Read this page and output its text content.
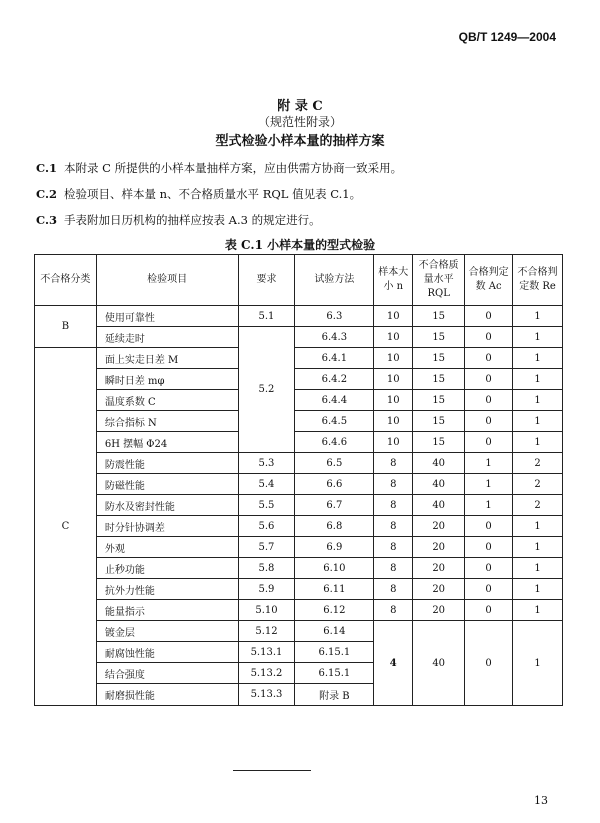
QB/T 1249—2004
附 录 C
（规范性附录）
型式检验小样本量的抽样方案
C.1 本附录 C 所提供的小样本量抽样方案，应由供需方协商一致采用。
C.2 检验项目、样本量 n、不合格质量水平 RQL 值见表 C.1。
C.3 手表附加日历机构的抽样应按表 A.3 的规定进行。
表 C.1 小样本量的型式检验
不合格分类	检验项目	要求	试验方法	样本大小 n	不合格质量水平 RQL	合格判定数 Ac	不合格判定数 Re
B	使用可靠性	5.1	6.3	10	15	0	1
	延续走时	5.2	6.4.3	10	15	0	1
C	面上实走日差 M		6.4.1	10	15	0	1
	瞬时日差 mφ		6.4.2	10	15	0	1
	温度系数 C		6.4.4	10	15	0	1
	综合指标 N		6.4.5	10	15	0	1
	6H 摆幅 Φ24		6.4.6	10	15	0	1
	防震性能	5.3	6.5	8	40	1	2
	防磁性能	5.4	6.6	8	40	1	2
	防水及密封性能	5.5	6.7	8	40	1	2
	时分针协调差	5.6	6.8	8	20	0	1
	外观	5.7	6.9	8	20	0	1
	止秒功能	5.8	6.10	8	20	0	1
	抗外力性能	5.9	6.11	8	20	0	1
	能量指示	5.10	6.12	8	20	0	1
	镀金层	5.12	6.14	4	40	0	1
	耐腐蚀性能	5.13.1	6.15.1				
	结合强度	5.13.2	6.15.1				
	耐磨损性能	5.13.3	附录 B				
13
